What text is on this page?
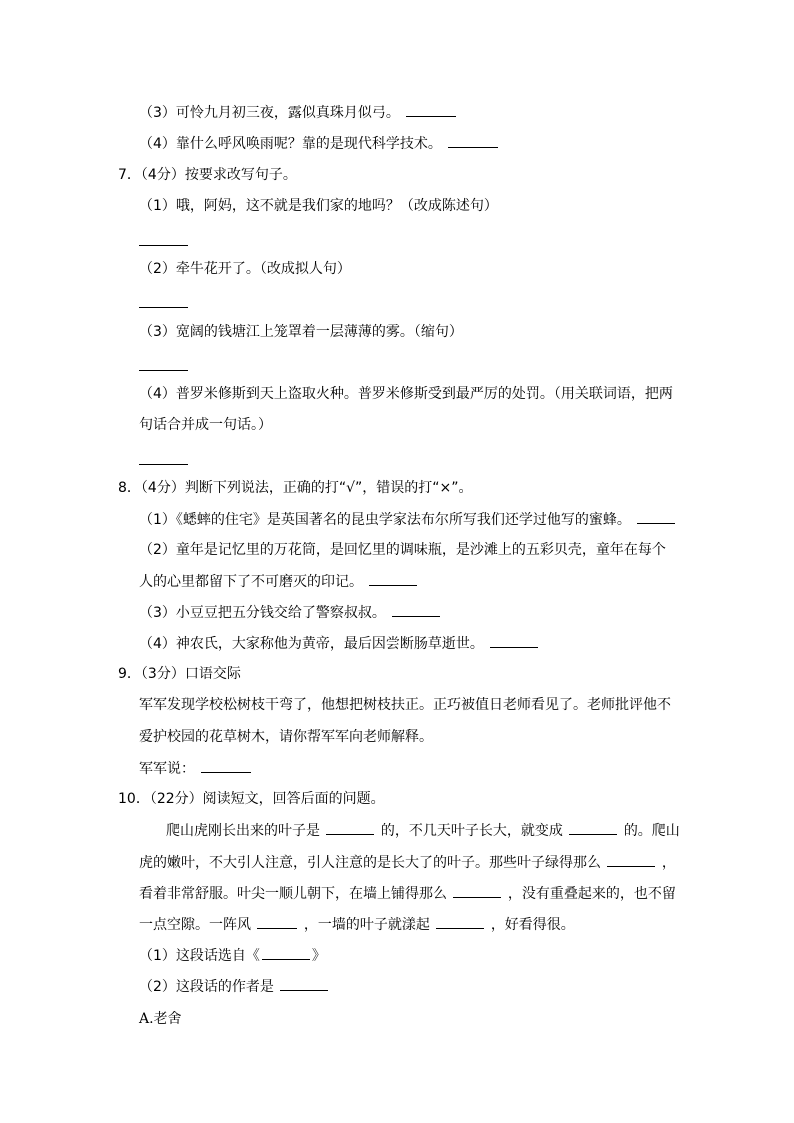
（3）可怜九月初三夜，露似真珠月似弓。
（4）靠什么呼风唤雨呢？靠的是现代科学技术。
7．（4分）按要求改写句子。
（1）哦，阿妈，这不就是我们家的地吗？（改成陈述句）
（2）牵牛花开了。（改成拟人句）
（3）宽阔的钱塘江上笼罩着一层薄薄的雾。（缩句）
（4）普罗米修斯到天上盗取火种。普罗米修斯受到最严厉的处罚。（用关联词语，把两
句话合并成一句话。）
8．（4分）判断下列说法，正确的打“√”，错误的打“×”。
（1）《蟋蟀的住宅》是英国著名的昆虫学家法布尔所写我们还学过他写的蜜蜂。
（2）童年是记忆里的万花筒，是回忆里的调味瓶，是沙滩上的五彩贝壳，童年在每个
人的心里都留下了不可磨灭的印记。
（3）小豆豆把五分钱交给了警察叔叔。
（4）神农氏，大家称他为黄帝，最后因尝断肠草逝世。
9．（3分）口语交际
军军发现学校松树枝干弯了，他想把树枝扶正。正巧被值日老师看见了。老师批评他不
爱护校园的花草树木，请你帮军军向老师解释。
军军说：
10．（22分）阅读短文，回答后面的问题。
爬山虎刚长出来的叶子是	的，不几天叶子长大，就变成	的。爬山
虎的嫩叶，不大引人注意，引人注意的是长大了的叶子。那些叶子绿得那么	，
看着非常舒服。叶尖一顺儿朝下，在墙上铺得那么	，没有重叠起来的，也不留
一点空隙。一阵风	，一墙的叶子就漾起	，好看得很。
（1）这段话选自《	》
（2）这段话的作者是
A.老舍
